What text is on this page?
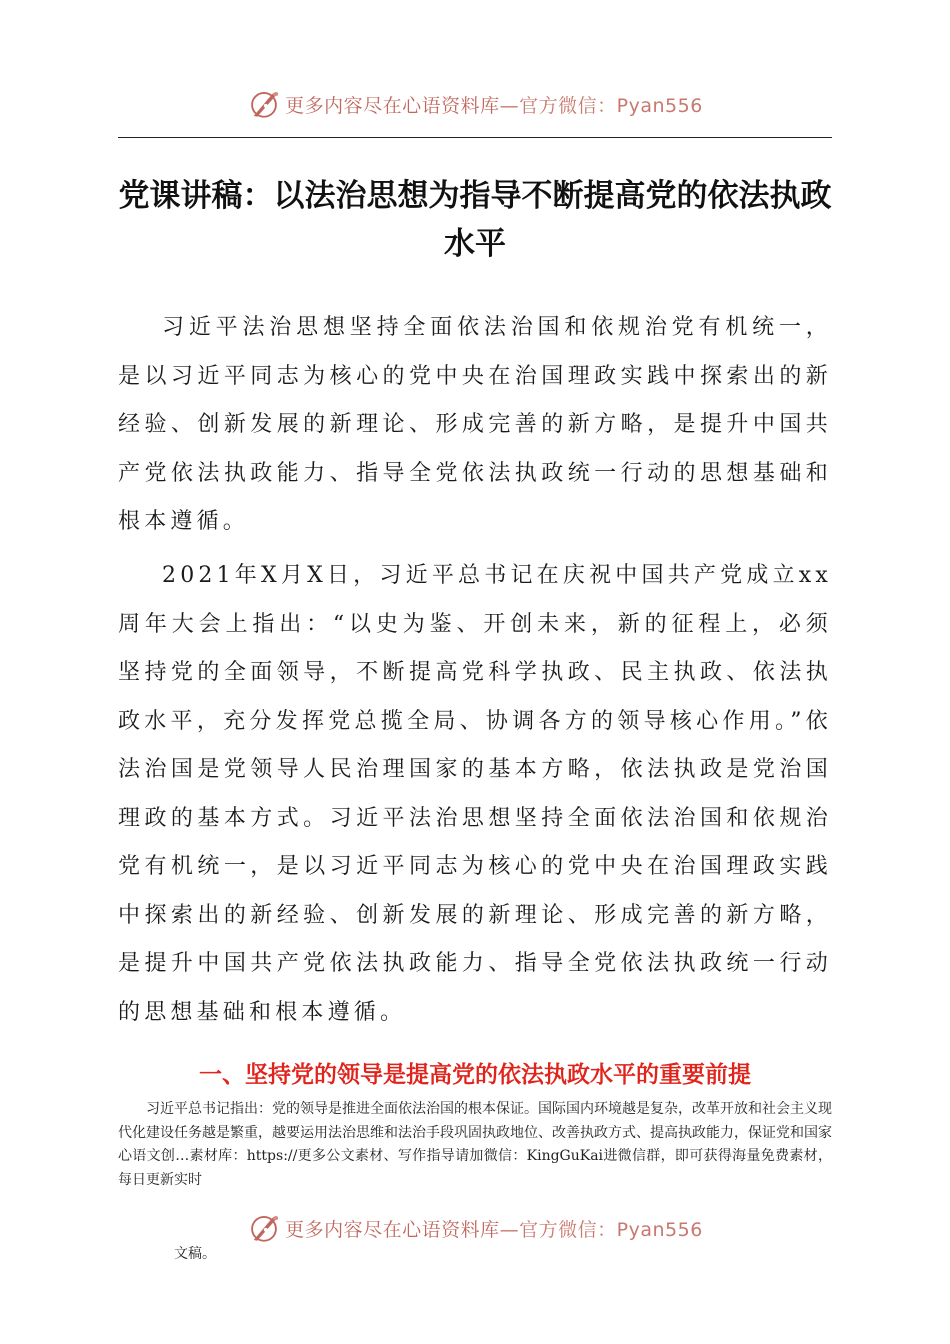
更多内容尽在心语资料库—官方微信：Pyan556
党课讲稿：以法治思想为指导不断提高党的依法执政水平

习近平法治思想坚持全面依法治国和依规治党有机统一，是以习近平同志为核心的党中央在治国理政实践中探索出的新经验、创新发展的新理论、形成完善的新方略，是提升中国共产党依法执政能力、指导全党依法执政统一行动的思想基础和根本遵循。

2021年X月X日，习近平总书记在庆祝中国共产党成立xx周年大会上指出：“以史为鉴、开创未来，新的征程上，必须坚持党的全面领导，不断提高党科学执政、民主执政、依法执政水平，充分发挥党总揽全局、协调各方的领导核心作用。”依法治国是党领导人民治理国家的基本方略，依法执政是党治国理政的基本方式。习近平法治思想坚持全面依法治国和依规治党有机统一，是以习近平同志为核心的党中央在治国理政实践中探索出的新经验、创新发展的新理论、形成完善的新方略，是提升中国共产党依法执政能力、指导全党依法执政统一行动的思想基础和根本遵循。

一、坚持党的领导是提高党的依法执政水平的重要前提

习近平总书记指出：党的领导是推进全面依法治国的根本保证。国际国内环境越是复杂，改革开放和社会主义现代化建设任务越是繁重，越要运用法治思维和法治手段巩固执政地位、改善执政方式、提高执政能力，保证党和国家心语文创…素材库：https://更多公文素材、写作指导请加微信：KingGuKai进微信群，即可获得海量免费素材，每日更新实时

更多内容尽在心语资料库—官方微信：Pyan556

文稿。
